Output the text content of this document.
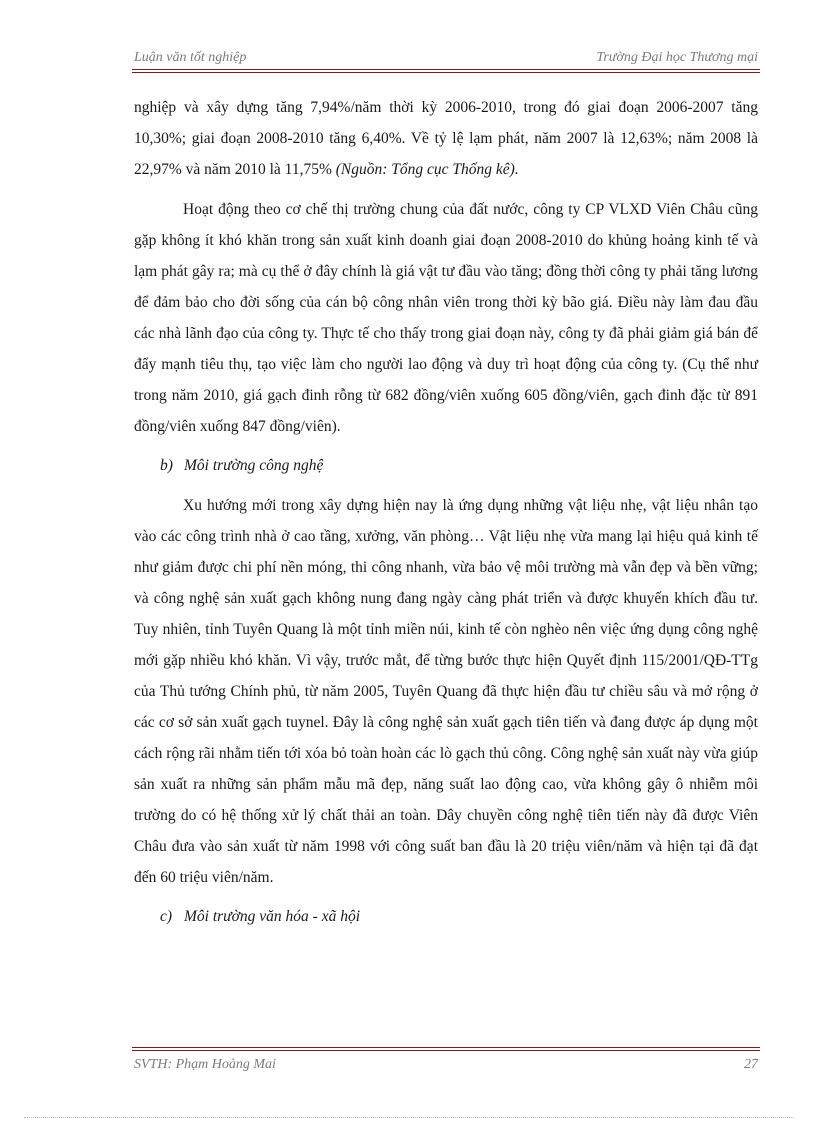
Luận văn tốt nghiệp	Trường Đại học Thương mại

nghiệp và xây dựng tăng 7,94%/năm thời kỳ 2006-2010, trong đó giai đoạn 2006-2007 tăng 10,30%; giai đoạn 2008-2010 tăng 6,40%. Về tỷ lệ lạm phát, năm 2007 là 12,63%; năm 2008 là 22,97% và năm 2010 là 11,75% (Nguồn: Tổng cục Thống kê).

Hoạt động theo cơ chế thị trường chung của đất nước, công ty CP VLXD Viên Châu cũng gặp không ít khó khăn trong sản xuất kinh doanh giai đoạn 2008-2010 do khủng hoảng kinh tế và lạm phát gây ra; mà cụ thể ở đây chính là giá vật tư đầu vào tăng; đồng thời công ty phải tăng lương để đảm bảo cho đời sống của cán bộ công nhân viên trong thời kỳ bão giá. Điều này làm đau đầu các nhà lãnh đạo của công ty. Thực tế cho thấy trong giai đoạn này, công ty đã phải giảm giá bán để đẩy mạnh tiêu thụ, tạo việc làm cho người lao động và duy trì hoạt động của công ty. (Cụ thể như trong năm 2010, giá gạch đinh rỗng từ 682 đồng/viên xuống 605 đồng/viên, gạch đinh đặc từ 891 đồng/viên xuống 847 đồng/viên).

b) Môi trường công nghệ

Xu hướng mới trong xây dựng hiện nay là ứng dụng những vật liệu nhẹ, vật liệu nhân tạo vào các công trình nhà ở cao tầng, xưởng, văn phòng… Vật liệu nhẹ vừa mang lại hiệu quả kinh tế như giảm được chi phí nền móng, thi công nhanh, vừa bảo vệ môi trường mà vẫn đẹp và bền vững; và công nghệ sản xuất gạch không nung đang ngày càng phát triển và được khuyến khích đầu tư. Tuy nhiên, tỉnh Tuyên Quang là một tỉnh miền núi, kinh tế còn nghèo nên việc ứng dụng công nghệ mới gặp nhiều khó khăn. Vì vậy, trước mắt, để từng bước thực hiện Quyết định 115/2001/QĐ-TTg của Thủ tướng Chính phủ, từ năm 2005, Tuyên Quang đã thực hiện đầu tư chiều sâu và mở rộng ở các cơ sở sản xuất gạch tuynel. Đây là công nghệ sản xuất gạch tiên tiến và đang được áp dụng một cách rộng rãi nhằm tiến tới xóa bỏ toàn hoàn các lò gạch thủ công. Công nghệ sản xuất này vừa giúp sản xuất ra những sản phẩm mẫu mã đẹp, năng suất lao động cao, vừa không gây ô nhiễm môi trường do có hệ thống xử lý chất thải an toàn. Dây chuyền công nghệ tiên tiến này đã được Viên Châu đưa vào sản xuất từ năm 1998 với công suất ban đầu là 20 triệu viên/năm và hiện tại đã đạt đến 60 triệu viên/năm.

c) Môi trường văn hóa - xã hội

SVTH: Phạm Hoàng Mai	27
